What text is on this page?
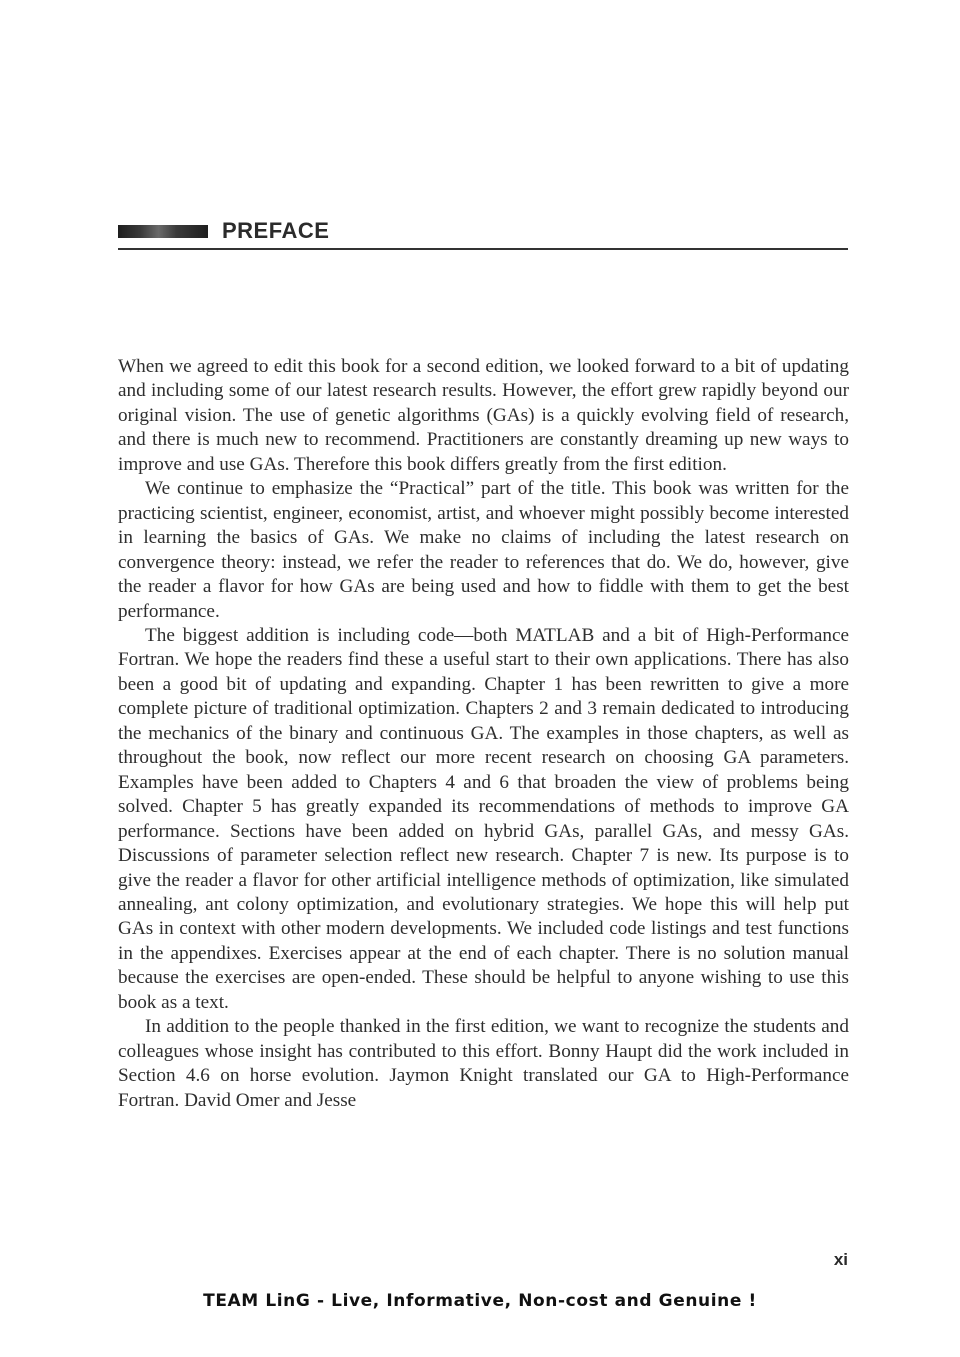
PREFACE

When we agreed to edit this book for a second edition, we looked forward to a bit of updating and including some of our latest research results. However, the effort grew rapidly beyond our original vision. The use of genetic algorithms (GAs) is a quickly evolving field of research, and there is much new to recommend. Practitioners are constantly dreaming up new ways to improve and use GAs. Therefore this book differs greatly from the first edition.

We continue to emphasize the “Practical” part of the title. This book was written for the practicing scientist, engineer, economist, artist, and whoever might possibly become interested in learning the basics of GAs. We make no claims of including the latest research on convergence theory: instead, we refer the reader to references that do. We do, however, give the reader a flavor for how GAs are being used and how to fiddle with them to get the best performance.

The biggest addition is including code—both MATLAB and a bit of High-Performance Fortran. We hope the readers find these a useful start to their own applications. There has also been a good bit of updating and expanding. Chapter 1 has been rewritten to give a more complete picture of traditional optimization. Chapters 2 and 3 remain dedicated to introducing the mechanics of the binary and continuous GA. The examples in those chapters, as well as throughout the book, now reflect our more recent research on choosing GA parameters. Examples have been added to Chapters 4 and 6 that broaden the view of problems being solved. Chapter 5 has greatly expanded its recommendations of methods to improve GA performance. Sections have been added on hybrid GAs, parallel GAs, and messy GAs. Discussions of parameter selection reflect new research. Chapter 7 is new. Its purpose is to give the reader a flavor for other artificial intelligence methods of optimization, like simulated annealing, ant colony optimization, and evolutionary strategies. We hope this will help put GAs in context with other modern developments. We included code listings and test functions in the appendixes. Exercises appear at the end of each chapter. There is no solution manual because the exercises are open-ended. These should be helpful to anyone wishing to use this book as a text.

In addition to the people thanked in the first edition, we want to recognize the students and colleagues whose insight has contributed to this effort. Bonny Haupt did the work included in Section 4.6 on horse evolution. Jaymon Knight translated our GA to High-Performance Fortran. David Omer and Jesse

xi
TEAM LinG - Live, Informative, Non-cost and Genuine !
